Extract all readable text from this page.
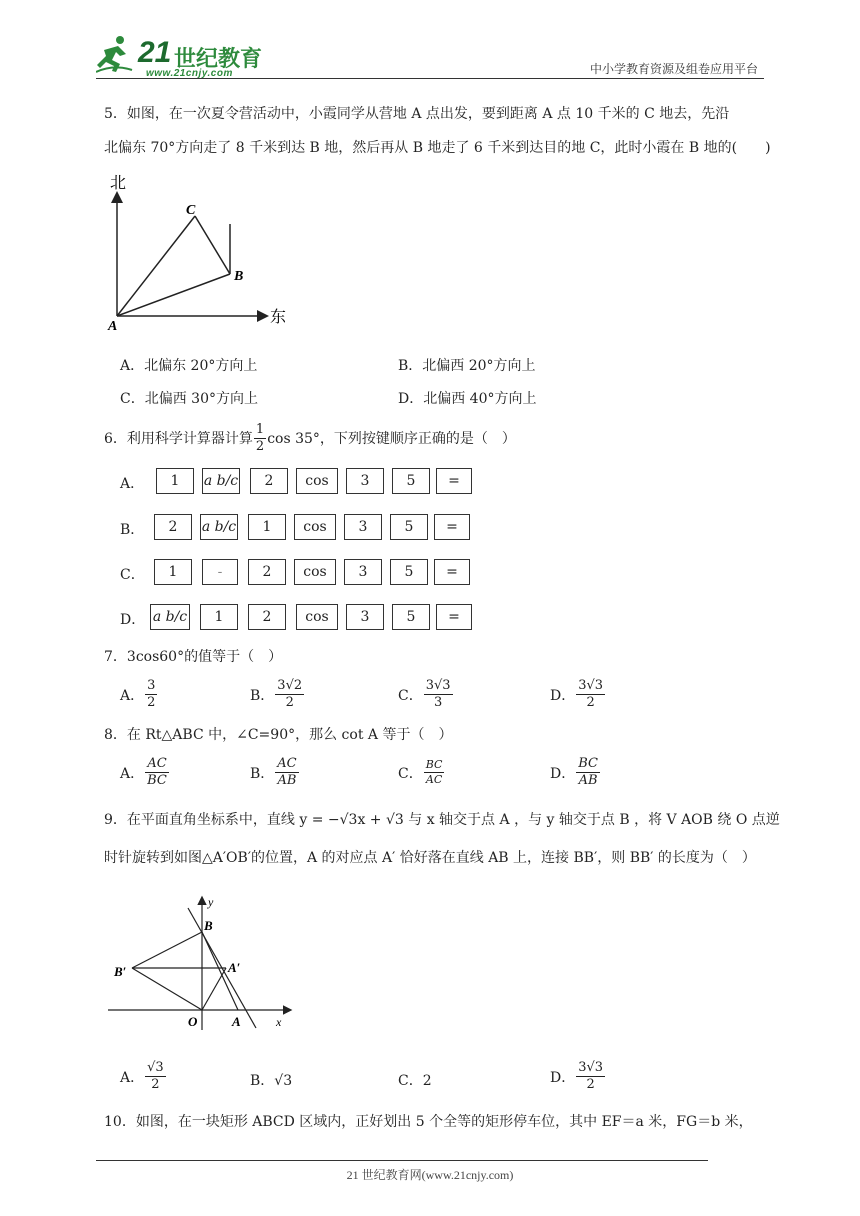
21 世纪教育
www.21cnjy.com	中小学教育资源及组卷应用平台
5．如图，在一次夏令营活动中，小霞同学从营地 A 点出发，要到距离 A 点 10 千米的 C 地去，先沿
北偏东 70°方向走了 8 千米到达 B 地，然后再从 B 地走了 6 千米到达目的地 C，此时小霞在 B 地的(　　)
北
东
A
B
C
A．北偏东 20°方向上	B．北偏西 20°方向上
C．北偏西 30°方向上	D．北偏西 40°方向上
6．利用科学计算器计算 $\frac{1}{2}$ cos 35°，下列按键顺序正确的是（　）
A． 1 a b/c 2 cos 3	5 =
B． 2 a b/c 1 cos 3	5 =
C． 1	-	2 cos 3	5 =
D． a b/c 1	2 cos 3	5 =
7．3cos60°的值等于（　）
A． $\frac{3}{2}$	B． $\frac{3√2}{2}$	C． $\frac{3√3}{3}$	D． $\frac{3√3}{2}$
8．在 Rt△ABC 中，∠C=90°，那么 cot A 等于（　）
A． $\frac{AC}{BC}$	B． $\frac{AC}{AB}$	C． $\frac{BC}{AC}$	D． $\frac{BC}{AB}$
9．在平面直角坐标系中，直线 y = −√3x + √3 与 x 轴交于点 A ，与 y 轴交于点 B ，将 V AOB 绕 O 点逆
时针旋转到如图△A′OB′的位置，A 的对应点 A′ 恰好落在直线 AB 上，连接 BB′，则 BB′ 的长度为（　）
y
x
B
B′	A′
O	A
A． $\frac{√3}{2}$	B．√3	C．2	D． $\frac{3√3}{2}$
10．如图，在一块矩形 ABCD 区域内，正好划出 5 个全等的矩形停车位，其中 EF＝a 米，FG＝b 米，
21 世纪教育网(www.21cnjy.com)
